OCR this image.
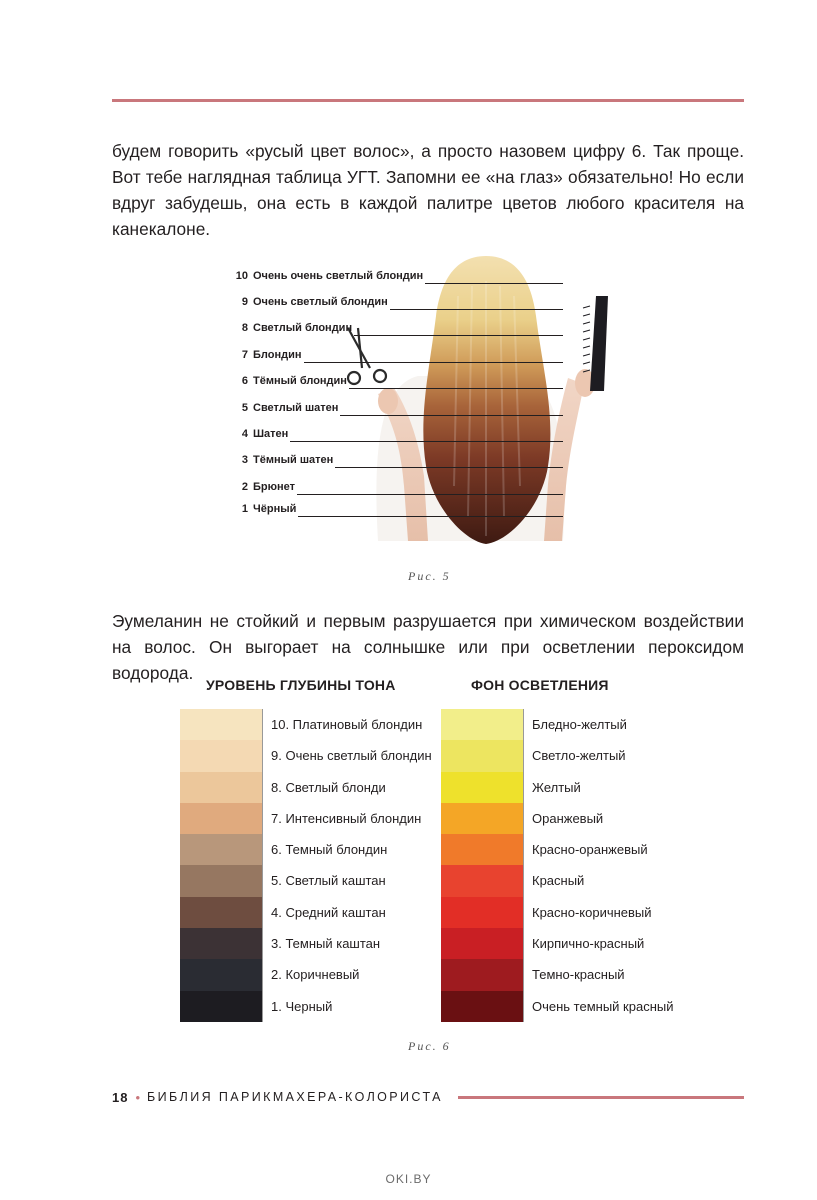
будем говорить «русый цвет волос», а просто назовем цифру 6. Так проще. Вот тебе наглядная таблица УГТ. Запомни ее «на глаз» обязательно! Но если вдруг забудешь, она есть в каждой палитре цветов любого красителя на канекалоне.

10 Очень очень светлый блондин
9 Очень светлый блондин
8 Светлый блондин
7 Блондин
6 Тёмный блондин
5 Светлый шатен
4 Шатен
3 Тёмный шатен
2 Брюнет
1 Чёрный
Рис. 5

Эумеланин не стойкий и первым разрушается при химическом воздействии на волос. Он выгорает на солнышке или при осветлении пероксидом водорода.

УРОВЕНЬ ГЛУБИНЫ ТОНА	ФОН ОСВЕТЛЕНИЯ
10. Платиновый блондин
9. Очень светлый блондин
8. Светлый блонди
7. Интенсивный блондин
6. Темный блондин
5. Светлый каштан
4. Средний каштан
3. Темный каштан
2. Коричневый
1. Черный
Бледно-желтый
Светло-желтый
Желтый
Оранжевый
Красно-оранжевый
Красный
Красно-коричневый
Кирпично-красный
Темно-красный
Очень темный красный
Рис. 6
18 • БИБЛИЯ ПАРИКМАХЕРА-КОЛОРИСТА
OKI.BY
